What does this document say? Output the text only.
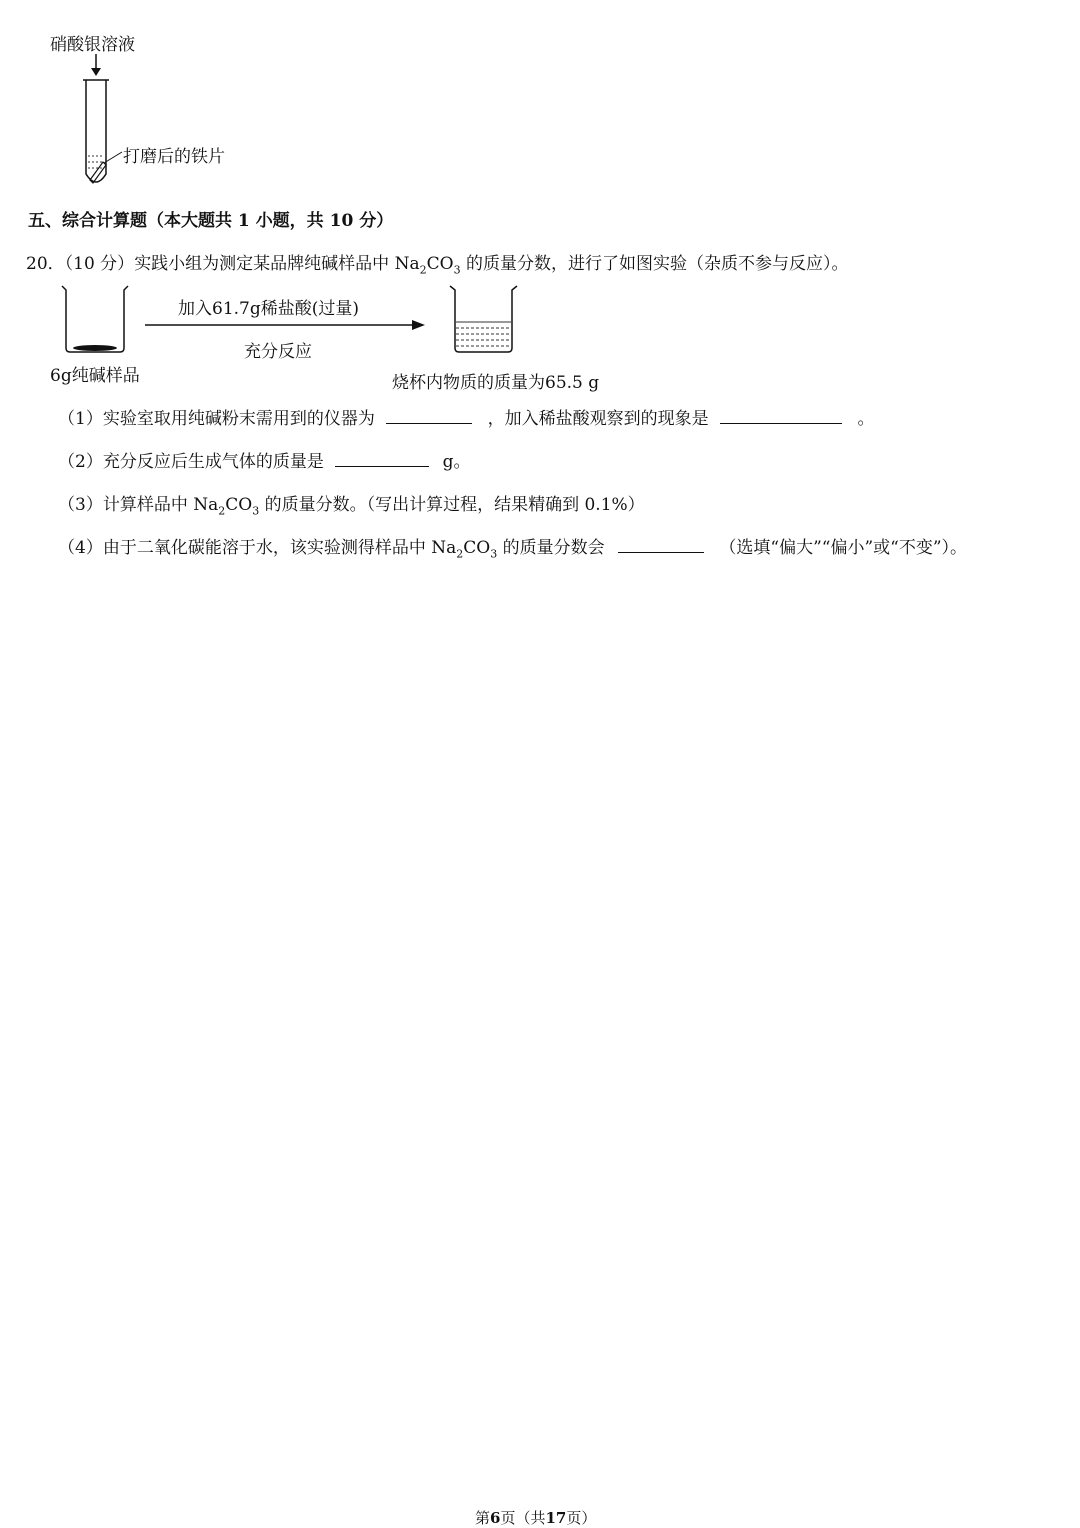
硝酸银溶液
打磨后的铁片
五、综合计算题（本大题共 1 小题，共 10 分）
20．（10 分）实践小组为测定某品牌纯碱样品中 $Na_2CO_3$ 的质量分数，进行了如图实验（杂质不参与反应）。
加入61.7g稀盐酸(过量)
充分反应
6g纯碱样品	烧杯内物质的质量为65.5 g
（1）实验室取用纯碱粉末需用到的仪器为	，加入稀盐酸观察到的现象是	。
（2）充分反应后生成气体的质量是	g。
（3）计算样品中 $Na_2CO_3$ 的质量分数。（写出计算过程，结果精确到 0.1%）
（4）由于二氧化碳能溶于水，该实验测得样品中 $Na_2CO_3$ 的质量分数会	（选填“偏大”“偏小”或“不变”）。
第6页（共17页）
